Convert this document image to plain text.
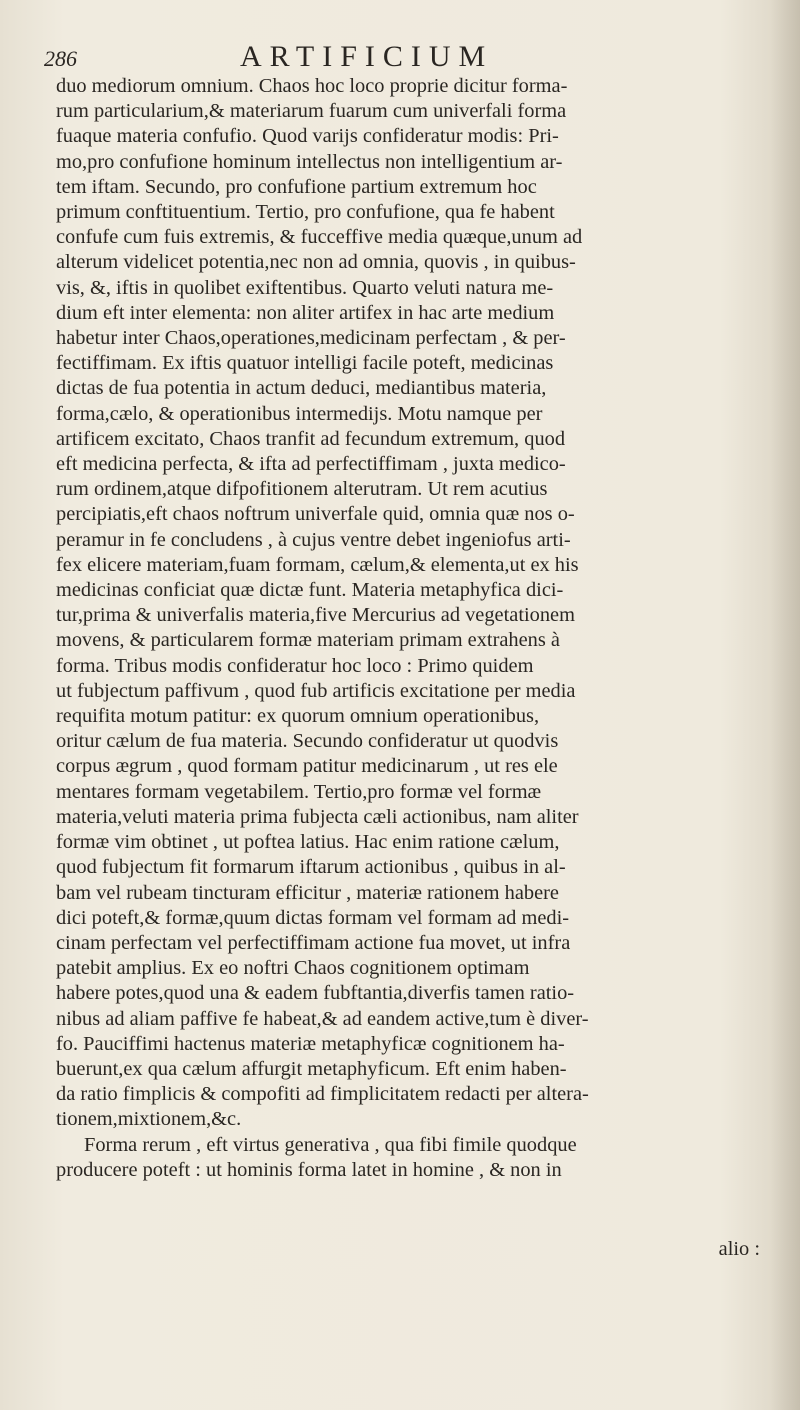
286	ARTIFICIUM
duo mediorum omnium. Chaos hoc loco proprie dicitur forma-
rum particularium,& materiarum fuarum cum univerfali forma
fuaque materia confufio. Quod varijs confideratur modis: Pri-
mo,pro confufione hominum intellectus non intelligentium ar-
tem iftam. Secundo, pro confufione partium extremum hoc
primum conftituentium. Tertio, pro confufione, qua fe habent
confufe cum fuis extremis, & fucceffive media quæque,unum ad
alterum videlicet potentia,nec non ad omnia, quovis , in quibus-
vis, &, iftis in quolibet exiftentibus. Quarto veluti natura me-
dium eft inter elementa: non aliter artifex in hac arte medium
habetur inter Chaos,operationes,medicinam perfectam , & per-
fectiffimam. Ex iftis quatuor intelligi facile poteft, medicinas
dictas de fua potentia in actum deduci, mediantibus materia,
forma,cælo, & operationibus intermedijs. Motu namque per
artificem excitato, Chaos tranfit ad fecundum extremum, quod
eft medicina perfecta, & ifta ad perfectiffimam , juxta medico-
rum ordinem,atque difpofitionem alterutram. Ut rem acutius
percipiatis,eft chaos noftrum univerfale quid, omnia quæ nos o-
peramur in fe concludens , à cujus ventre debet ingeniofus arti-
fex elicere materiam,fuam formam, cælum,& elementa,ut ex his
medicinas conficiat quæ dictæ funt. Materia metaphyfica dici-
tur,prima & univerfalis materia,five Mercurius ad vegetationem
movens, & particularem formæ materiam primam extrahens à
forma. Tribus modis confideratur hoc loco : Primo quidem
ut fubjectum paffivum , quod fub artificis excitatione per media
requifita motum patitur: ex quorum omnium operationibus,
oritur cælum de fua materia. Secundo confideratur ut quodvis
corpus ægrum , quod formam patitur medicinarum , ut res ele
mentares formam vegetabilem. Tertio,pro formæ vel formæ
materia,veluti materia prima fubjecta cæli actionibus, nam aliter
formæ vim obtinet , ut poftea latius. Hac enim ratione cælum,
quod fubjectum fit formarum iftarum actionibus , quibus in al-
bam vel rubeam tincturam efficitur , materiæ rationem habere
dici poteft,& formæ,quum dictas formam vel formam ad medi-
cinam perfectam vel perfectiffimam actione fua movet, ut infra
patebit amplius. Ex eo noftri Chaos cognitionem optimam
habere potes,quod una & eadem fubftantia,diverfis tamen ratio-
nibus ad aliam paffive fe habeat,& ad eandem active,tum è diver-
fo. Pauciffimi hactenus materiæ metaphyficæ cognitionem ha-
buerunt,ex qua cælum affurgit metaphyficum. Eft enim haben-
da ratio fimplicis & compofiti ad fimplicitatem redacti per altera-
tionem,mixtionem,&c.
Forma rerum , eft virtus generativa , qua fibi fimile quodque
producere poteft : ut hominis forma latet in homine , & non in
alio :
